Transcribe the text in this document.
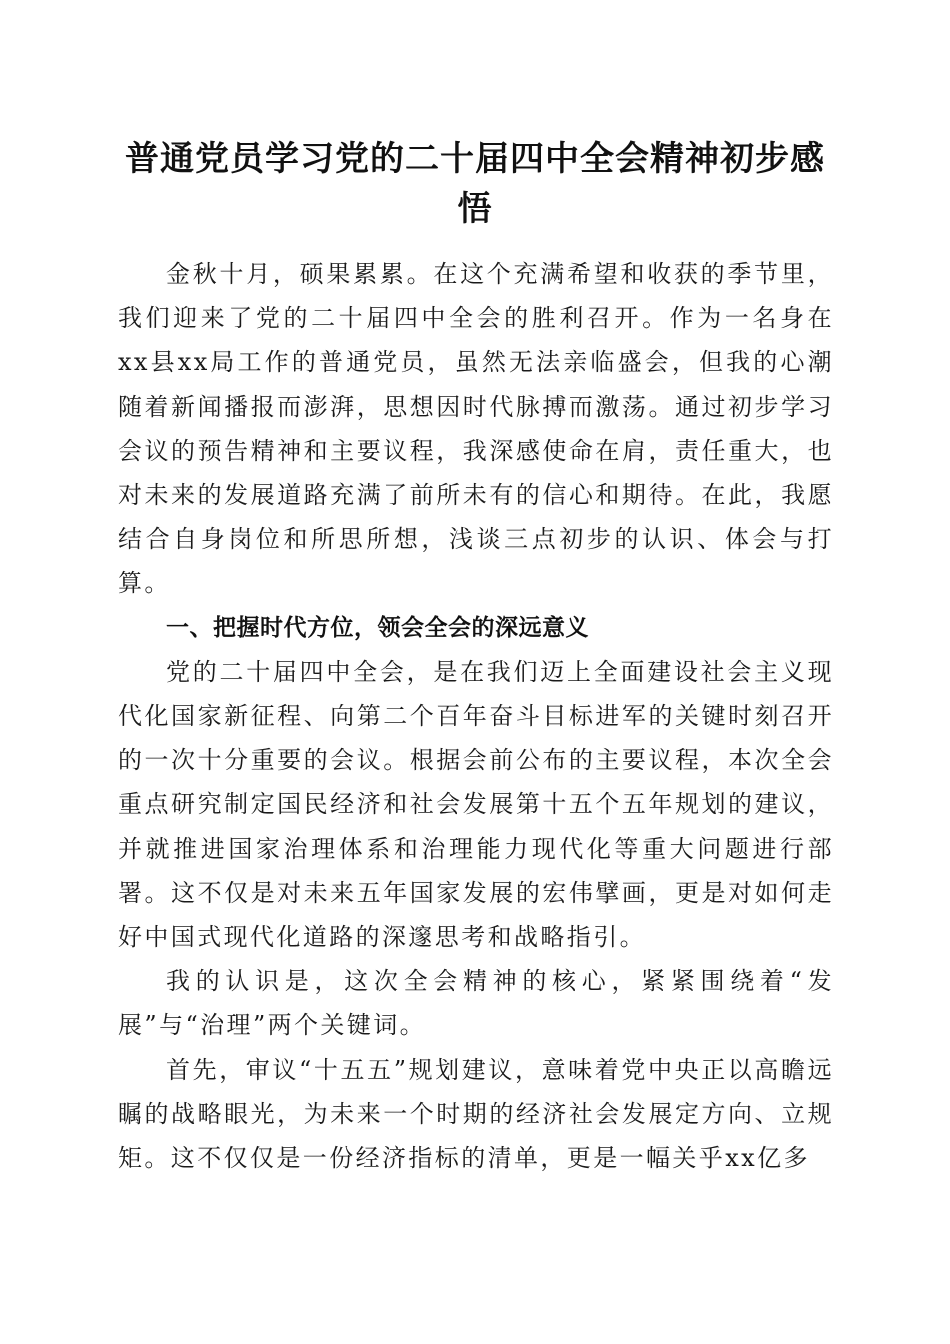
普通党员学习党的二十届四中全会精神初步感悟

金秋十月，硕果累累。在这个充满希望和收获的季节里，我们迎来了党的二十届四中全会的胜利召开。作为一名身在xx县xx局工作的普通党员，虽然无法亲临盛会，但我的心潮随着新闻播报而澎湃，思想因时代脉搏而激荡。通过初步学习会议的预告精神和主要议程，我深感使命在肩，责任重大，也对未来的发展道路充满了前所未有的信心和期待。在此，我愿结合自身岗位和所思所想，浅谈三点初步的认识、体会与打算。

一、把握时代方位，领会全会的深远意义

党的二十届四中全会，是在我们迈上全面建设社会主义现代化国家新征程、向第二个百年奋斗目标进军的关键时刻召开的一次十分重要的会议。根据会前公布的主要议程，本次全会重点研究制定国民经济和社会发展第十五个五年规划的建议，并就推进国家治理体系和治理能力现代化等重大问题进行部署。这不仅是对未来五年国家发展的宏伟擘画，更是对如何走好中国式现代化道路的深邃思考和战略指引。

我的认识是，这次全会精神的核心，紧紧围绕着“发展”与“治理”两个关键词。

首先，审议“十五五”规划建议，意味着党中央正以高瞻远瞩的战略眼光，为未来一个时期的经济社会发展定方向、立规矩。这不仅仅是一份经济指标的清单，更是一幅关乎xx亿多
